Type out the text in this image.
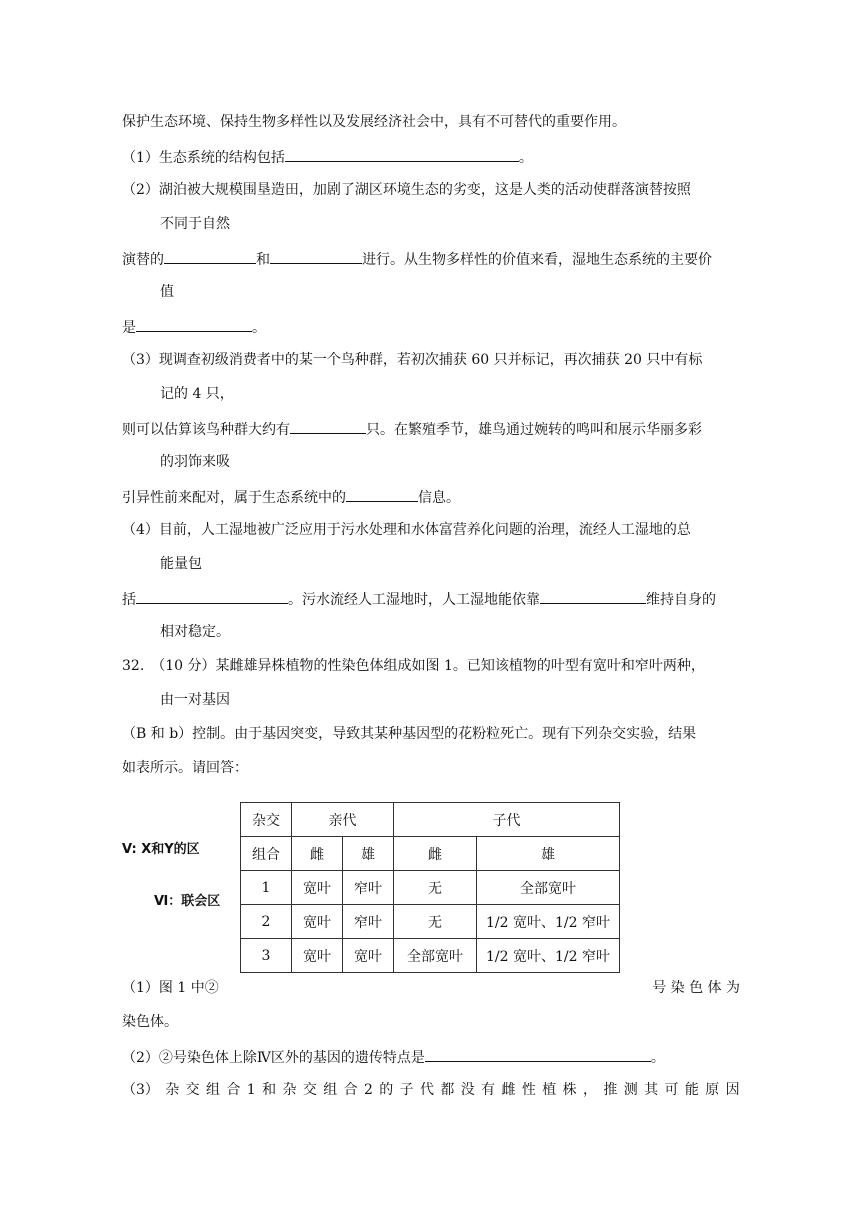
保护生态环境、保持生物多样性以及发展经济社会中，具有不可替代的重要作用。
（1）生态系统的结构包括	。
（2）湖泊被大规模围垦造田，加剧了湖区环境生态的劣变，这是人类的活动使群落演替按照
不同于自然
演替的	和	进行。从生物多样性的价值来看，湿地生态系统的主要价
值
是	。
（3）现调查初级消费者中的某一个鸟种群，若初次捕获 60 只并标记，再次捕获 20 只中有标
记的 4 只，
则可以估算该鸟种群大约有	只。在繁殖季节，雄鸟通过婉转的鸣叫和展示华丽多彩
的羽饰来吸
引异性前来配对，属于生态系统中的	信息。
（4）目前，人工湿地被广泛应用于污水处理和水体富营养化问题的治理，流经人工湿地的总
能量包
括	。污水流经人工湿地时，人工湿地能依靠	维持自身的
相对稳定。
32.　（10 分）某雌雄异株植物的性染色体组成如图 1。已知该植物的叶型有宽叶和窄叶两种，
由一对基因
（B 和 b）控制。由于基因突变，导致其某种基因型的花粉粒死亡。现有下列杂交实验，结果
如表所示。请回答：
V: X和Y的区
Ⅵ：联会区
杂交	亲代		子代	
组合	雌	雄	雌	雄
1	宽叶	窄叶	无	全部宽叶
2	宽叶	窄叶	无	1/2 宽叶、1/2 窄叶
3	宽叶	宽叶	全部宽叶	1/2 宽叶、1/2 窄叶
（1）图 1 中②	号 染 色 体 为
染色体。
（2）②号染色体上除Ⅳ区外的基因的遗传特点是	。
（3） 杂 交 组 合 1 和 杂 交 组 合 2 的 子 代 都 没 有 雌 性 植 株 ， 推 测 其 可 能 原 因
